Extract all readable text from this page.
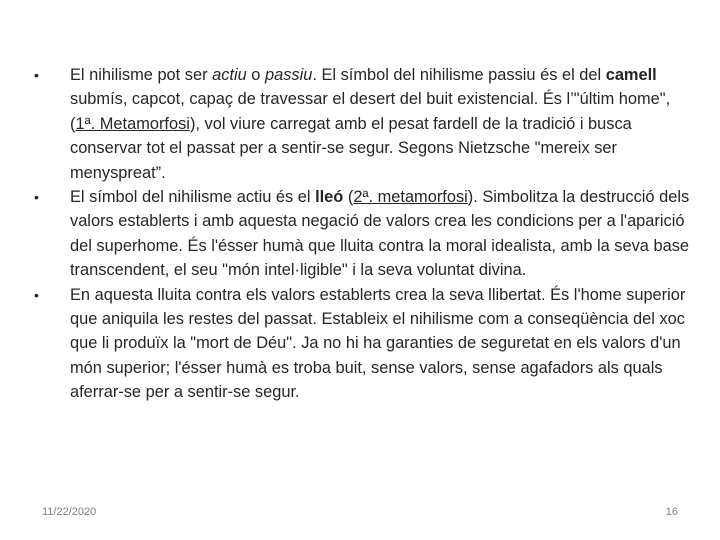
• El nihilisme pot ser actiu o passiu. El símbol del nihilisme passiu és el del camell submís, capcot, capaç de travessar el desert del buit existencial. És l’"últim home", (1ª. Metamorfosi), vol viure carregat amb el pesat fardell de la tradició i busca conservar tot el passat per a sentir-se segur. Segons Nietzsche "mereix ser menyspreat”.
• El símbol del nihilisme actiu és el lleó (2ª. metamorfosi). Simbolitza la destrucció dels valors establerts i amb aquesta negació de valors crea les condicions per a l'aparició del superhome. És l'ésser humà que lluita contra la moral idealista, amb la seva base transcendent, el seu "món intel·ligible" i la seva voluntat divina.
• En aquesta lluita contra els valors establerts crea la seva llibertat. És l'home superior que aniquila les restes del passat. Estableix el nihilisme com a conseqüència del xoc que li produïx la "mort de Déu". Ja no hi ha garanties de seguretat en els valors d'un món superior; l'ésser humà es troba buit, sense valors, sense agafadors als quals aferrar-se per a sentir-se segur.
11/22/2020	16
